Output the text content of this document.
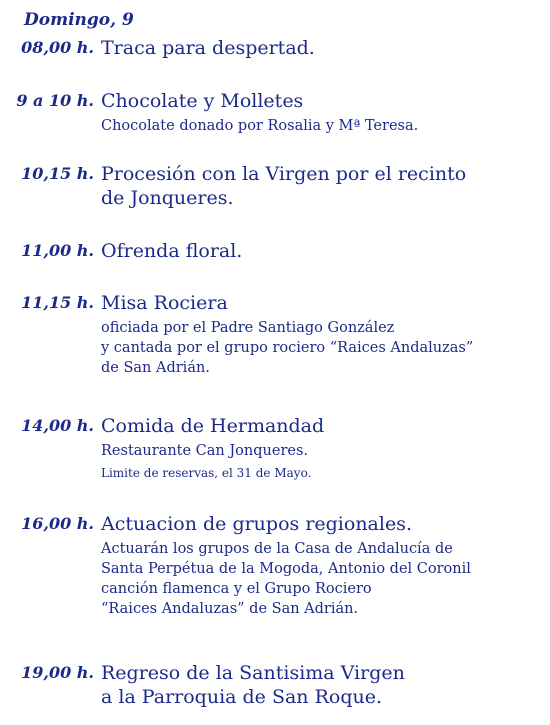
Domingo, 9
08,00 h. Traca para despertad.
9 a 10 h. Chocolate y Molletes
Chocolate donado por Rosalia y Mª Teresa.
10,15 h. Procesión con la Virgen por el recinto
de Jonqueres.
11,00 h. Ofrenda floral.
11,15 h. Misa Rociera
oficiada por el Padre Santiago González
y cantada por el grupo rociero “Raices Andaluzas”
de San Adrián.
14,00 h. Comida de Hermandad
Restaurante Can Jonqueres.
Limite de reservas, el 31 de Mayo.
16,00 h. Actuacion de grupos regionales.
Actuarán los grupos de la Casa de Andalucía de
Santa Perpétua de la Mogoda, Antonio del Coronil
canción flamenca y el Grupo Rociero
“Raices Andaluzas” de San Adrián.
19,00 h. Regreso de la Santisima Virgen
a la Parroquia de San Roque.
